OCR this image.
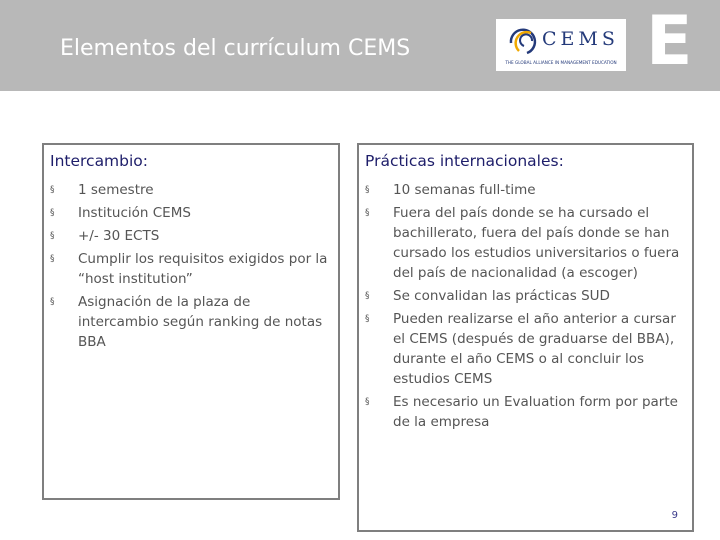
Elementos del currículum CEMS	CEMS
THE GLOBAL ALLIANCE IN MANAGEMENT EDUCATION E
Intercambio:
§ 1 semestre
§ Institución CEMS
§ +/- 30 ECTS
§ Cumplir los requisitos exigidos por la “host institution”
§ Asignación de la plaza de intercambio según ranking de notas BBA
Prácticas internacionales:
§ 10 semanas full-time
§ Fuera del país donde se ha cursado el bachillerato, fuera del país donde se han cursado los estudios universitarios o fuera del país de nacionalidad (a escoger)
§ Se convalidan las prácticas SUD
§ Pueden realizarse el año anterior a cursar el CEMS (después de graduarse del BBA), durante el año CEMS o al concluir los estudios CEMS
§ Es necesario un Evaluation form por parte de la empresa
9
